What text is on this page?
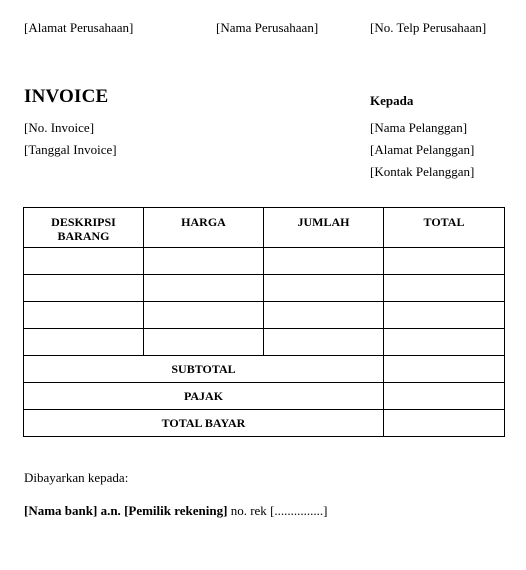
[Alamat Perusahaan]	[Nama Perusahaan]	[No. Telp Perusahaan]
INVOICE
[No. Invoice]
[Tanggal Invoice]
Kepada
[Nama Pelanggan]
[Alamat Pelanggan]
[Kontak Pelanggan]
DESKRIPSI BARANG	HARGA	JUMLAH	TOTAL

SUBTOTAL			
PAJAK			
TOTAL BAYAR			
Dibayarkan kepada:
[Nama bank] a.n. [Pemilik rekening] no. rek [...............]
